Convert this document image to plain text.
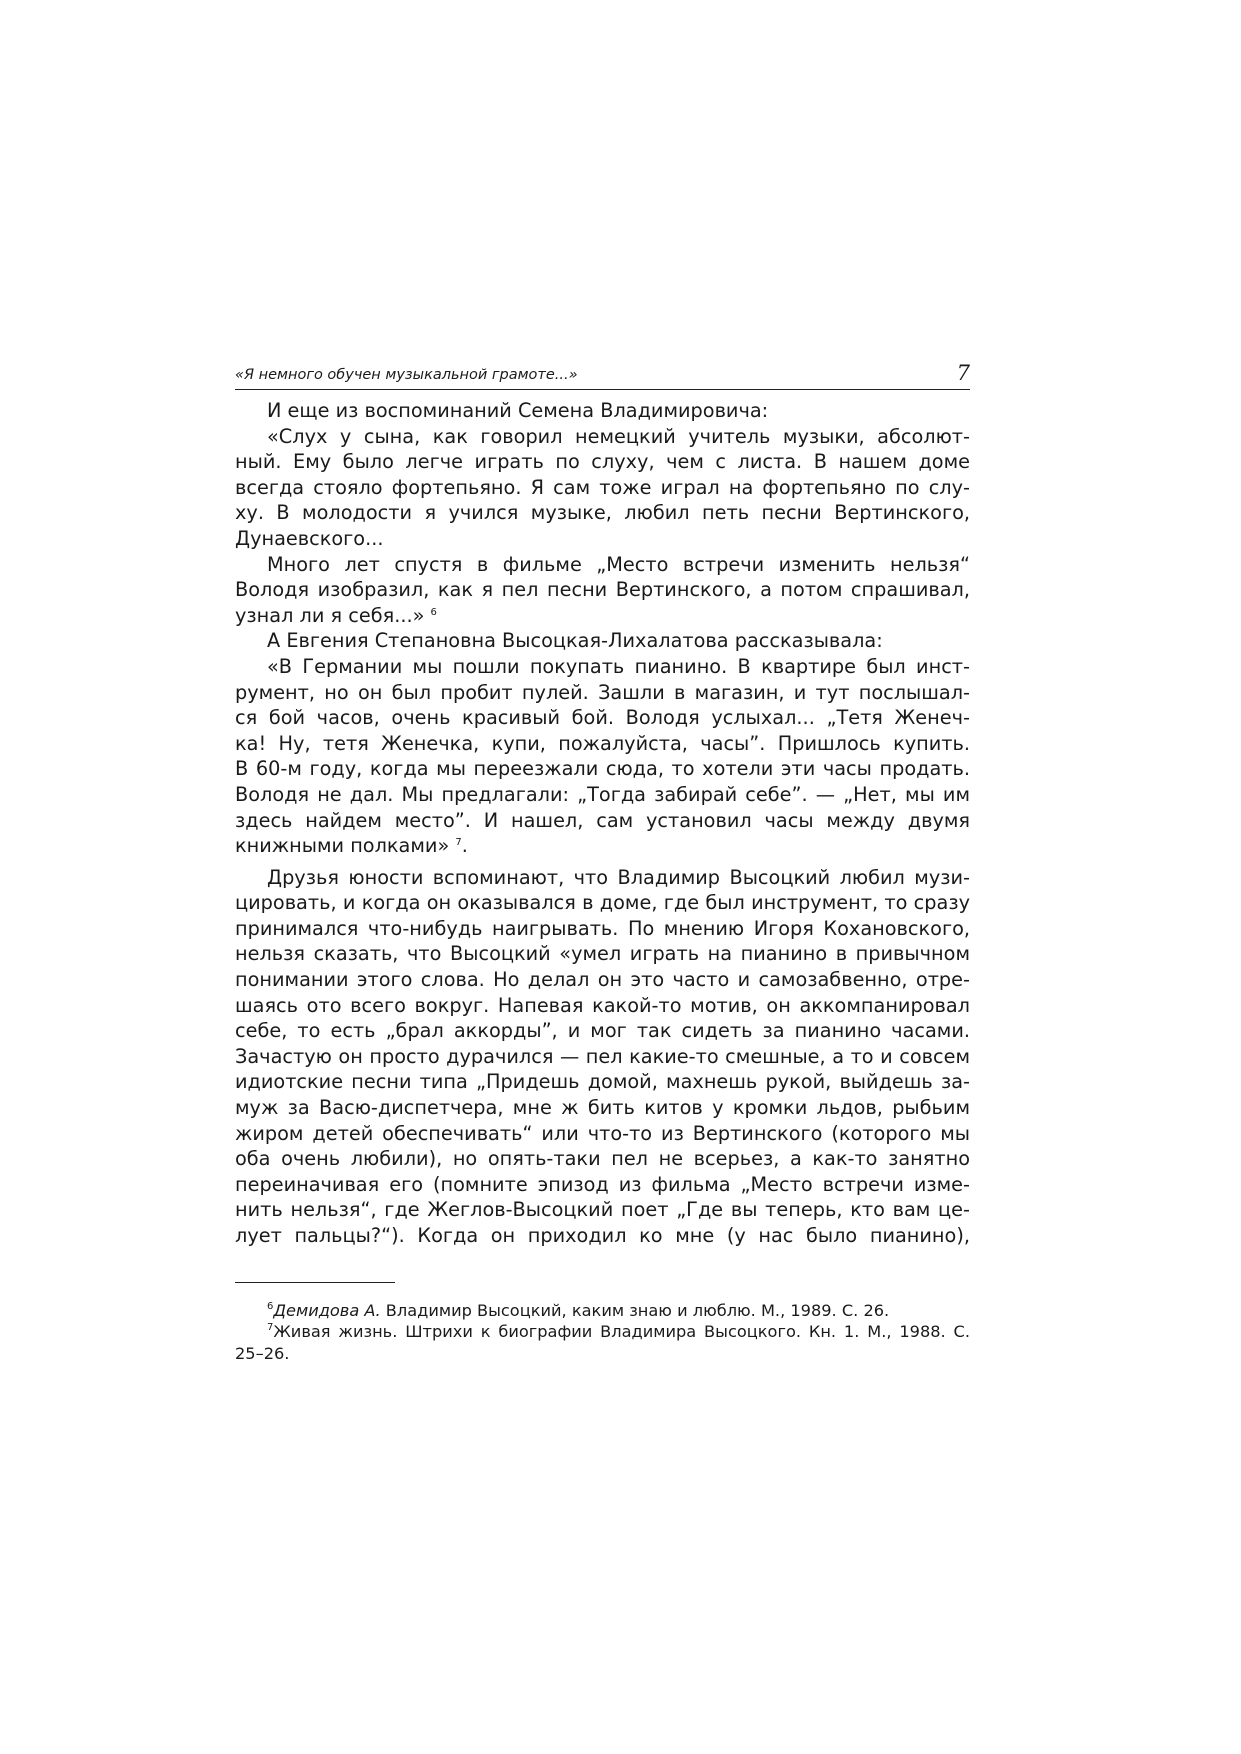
«Я немного обучен музыкальной грамоте...»	7

И еще из воспоминаний Семена Владимировича:

«Слух у сына, как говорил немецкий учитель музыки, абсолют-
ный. Ему было легче играть по слуху, чем с листа. В нашем доме
всегда стояло фортепьяно. Я сам тоже играл на фортепьяно по слу-
ху. В молодости я учился музыке, любил петь песни Вертинского,
Дунаевского...

Много лет спустя в фильме „Место встречи изменить нельзя“
Володя изобразил, как я пел песни Вертинского, а потом спрашивал,
узнал ли я себя...» $^6$

А Евгения Степановна Высоцкая-Лихалатова рассказывала:

«В Германии мы пошли покупать пианино. В квартире был инст-
румент, но он был пробит пулей. Зашли в магазин, и тут послышал-
ся бой часов, очень красивый бой. Володя услыхал... „Тетя Женеч-
ка! Ну, тетя Женечка, купи, пожалуйста, часы”. Пришлось купить.
В 60-м году, когда мы переезжали сюда, то хотели эти часы продать.
Володя не дал. Мы предлагали: „Тогда забирай себе”. — „Нет, мы им
здесь найдем место”. И нашел, сам установил часы между двумя
книжными полками» $^7$.

Друзья юности вспоминают, что Владимир Высоцкий любил музи-
цировать, и когда он оказывался в доме, где был инструмент, то сразу
принимался что-нибудь наигрывать. По мнению Игоря Кохановского,
нельзя сказать, что Высоцкий «умел играть на пианино в привычном
понимании этого слова. Но делал он это часто и самозабвенно, отре-
шаясь ото всего вокруг. Напевая какой-то мотив, он аккомпанировал
себе, то есть „брал аккорды”, и мог так сидеть за пианино часами.
Зачастую он просто дурачился — пел какие-то смешные, а то и совсем
идиотские песни типа „Придешь домой, махнешь рукой, выйдешь за-
муж за Васю-диспетчера, мне ж бить китов у кромки льдов, рыбьим
жиром детей обеспечивать“ или что-то из Вертинского (которого мы
оба очень любили), но опять-таки пел не всерьез, а как-то занятно
переиначивая его (помните эпизод из фильма „Место встречи изме-
нить нельзя“, где Жеглов-Высоцкий поет „Где вы теперь, кто вам це-
лует пальцы?“). Когда он приходил ко мне (у нас было пианино),

$^6$Демидова А. Владимир Высоцкий, каким знаю и люблю. М., 1989. С. 26.

$^7$Живая жизнь. Штрихи к биографии Владимира Высоцкого. Кн. 1. М., 1988. С. 25–26.
